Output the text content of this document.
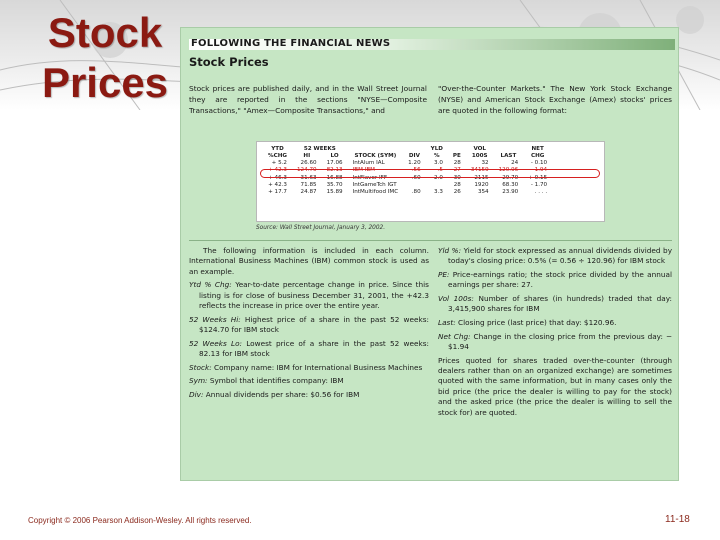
Stock
Prices
FOLLOWING THE FINANCIAL NEWS
Stock Prices
Stock prices are published daily, and in the Wall Street Journal they are reported in the sections "NYSE—Composite Transactions," "Amex—Composite Transactions," and
"Over-the-Counter Markets." The New York Stock Exchange (NYSE) and American Stock Exchange (Amex) stocks' prices are quoted in the following format:
YTD	52 WEEKS				YLD		VOL		NET
%CHG	HI	LO	STOCK (SYM)	DIV	%	PE	100S	LAST	CHG
+ 5.2	26.60	17.06	IntAlum IAL	1.20	3.0	28	32	24	- 0.10
+ 42.3	124.70	82.13	IBM IBM	.56	.5	27	34159	120.96	- 1.94
+ 46.3	31.63	16.88	IntFlavor IFF	.60	2.0	30	2115	29.70	+ 0.15
+ 42.3	71.85	35.70	IntGameTch IGT			28	1920	68.30	- 1.70
+ 17.7	24.87	15.89	IntMultifood IMC	.80	3.3	26	354	23.90	. . . .
Source: Wall Street Journal, January 3, 2002.

The following information is included in each column. International Business Machines (IBM) common stock is used as an example.

Ytd % Chg: Year-to-date percentage change in price. Since this listing is for close of business December 31, 2001, the +42.3 reflects the increase in price over the entire year.

52 Weeks Hi: Highest price of a share in the past 52 weeks: $124.70 for IBM stock

52 Weeks Lo: Lowest price of a share in the past 52 weeks: 82.13 for IBM stock

Stock: Company name: IBM for International Business Machines

Sym: Symbol that identifies company: IBM

Div: Annual dividends per share: $0.56 for IBM

Yld %: Yield for stock expressed as annual dividends divided by today's closing price: 0.5% (= 0.56 ÷ 120.96) for IBM stock

PE: Price-earnings ratio; the stock price divided by the annual earnings per share: 27.

Vol 100s: Number of shares (in hundreds) traded that day: 3,415,900 shares for IBM

Last: Closing price (last price) that day: $120.96.

Net Chg: Change in the closing price from the previous day: −$1.94

Prices quoted for shares traded over-the-counter (through dealers rather than on an organized exchange) are sometimes quoted with the same information, but in many cases only the bid price (the price the dealer is willing to pay for the stock) and the asked price (the price the dealer is willing to sell the stock for) are quoted.

Copyright © 2006 Pearson Addison-Wesley. All rights reserved.	11-18
